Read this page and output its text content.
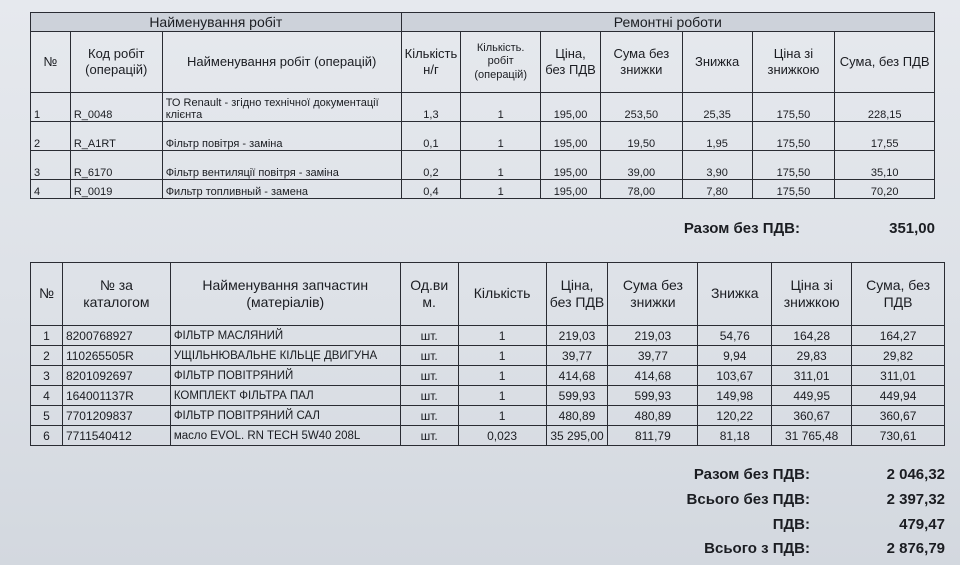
Найменування робіт			Ремонтні роботи						
№	Код робіт (операцій)	Найменування робіт (операцій)	Кількість н/г	Кількість. робіт (операцій)	Ціна, без ПДВ	Сума без знижки	Знижка	Ціна зі знижкою	Сума, без ПДВ
1	R_0048	ТО Renault - згідно технічної документації клієнта	1,3	1	195,00	253,50	25,35	175,50	228,15
2	R_A1RT	Фільтр повітря - заміна	0,1	1	195,00	19,50	1,95	175,50	17,55
3	R_6170	Фільтр вентиляції повітря - заміна	0,2	1	195,00	39,00	3,90	175,50	35,10
4	R_0019	Фильтр топливный - замена	0,4	1	195,00	78,00	7,80	175,50	70,20
Разом без ПДВ:	351,00
№	№ за каталогом	Найменування запчастин (матеріалів)	Од.ви м.	Кількість	Ціна, без ПДВ	Сума без знижки	Знижка	Ціна зі знижкою	Сума, без ПДВ
1	8200768927	ФІЛЬТР МАСЛЯНИЙ	шт.	1	219,03	219,03	54,76	164,28	164,27
2	110265505R	УЩІЛЬНЮВАЛЬНЕ КІЛЬЦЕ ДВИГУНА	шт.	1	39,77	39,77	9,94	29,83	29,82
3	8201092697	ФІЛЬТР ПОВІТРЯНИЙ	шт.	1	414,68	414,68	103,67	311,01	311,01
4	164001137R	КОМПЛЕКТ ФІЛЬТРА ПАЛ	шт.	1	599,93	599,93	149,98	449,95	449,94
5	7701209837	ФІЛЬТР ПОВІТРЯНИЙ САЛ	шт.	1	480,89	480,89	120,22	360,67	360,67
6	7711540412	масло EVOL. RN TECH 5W40 208L	шт.	0,023	35 295,00	811,79	81,18	31 765,48	730,61
Разом без ПДВ:	2 046,32
Всього без ПДВ:	2 397,32
ПДВ:	479,47
Всього з ПДВ:	2 876,79
